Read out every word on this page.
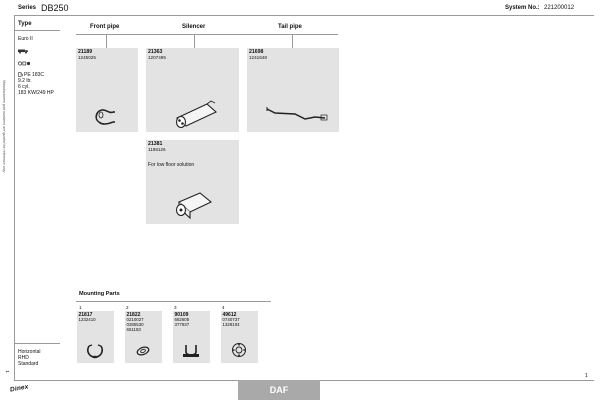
Series DB250	System No.: 221200012
Manufacturers part numbers are quoted for reference only
Type
Euro II
PE 183C
9.2 ltr.
6 cyl.
183 KW/249 HP
Horizontal
RHD
Standard
Front pipe	Silencer	Tail pipe
21189
1245025
21363
1207495
21698
1241648
21381
1198126
For low floor solution
Mounting Parts
1	2	3	4
21817
1232410
21822
0210027
0285530
651183
90109
682605
377937
49612
0740737
1328104
1
1
Dinex	DAF
